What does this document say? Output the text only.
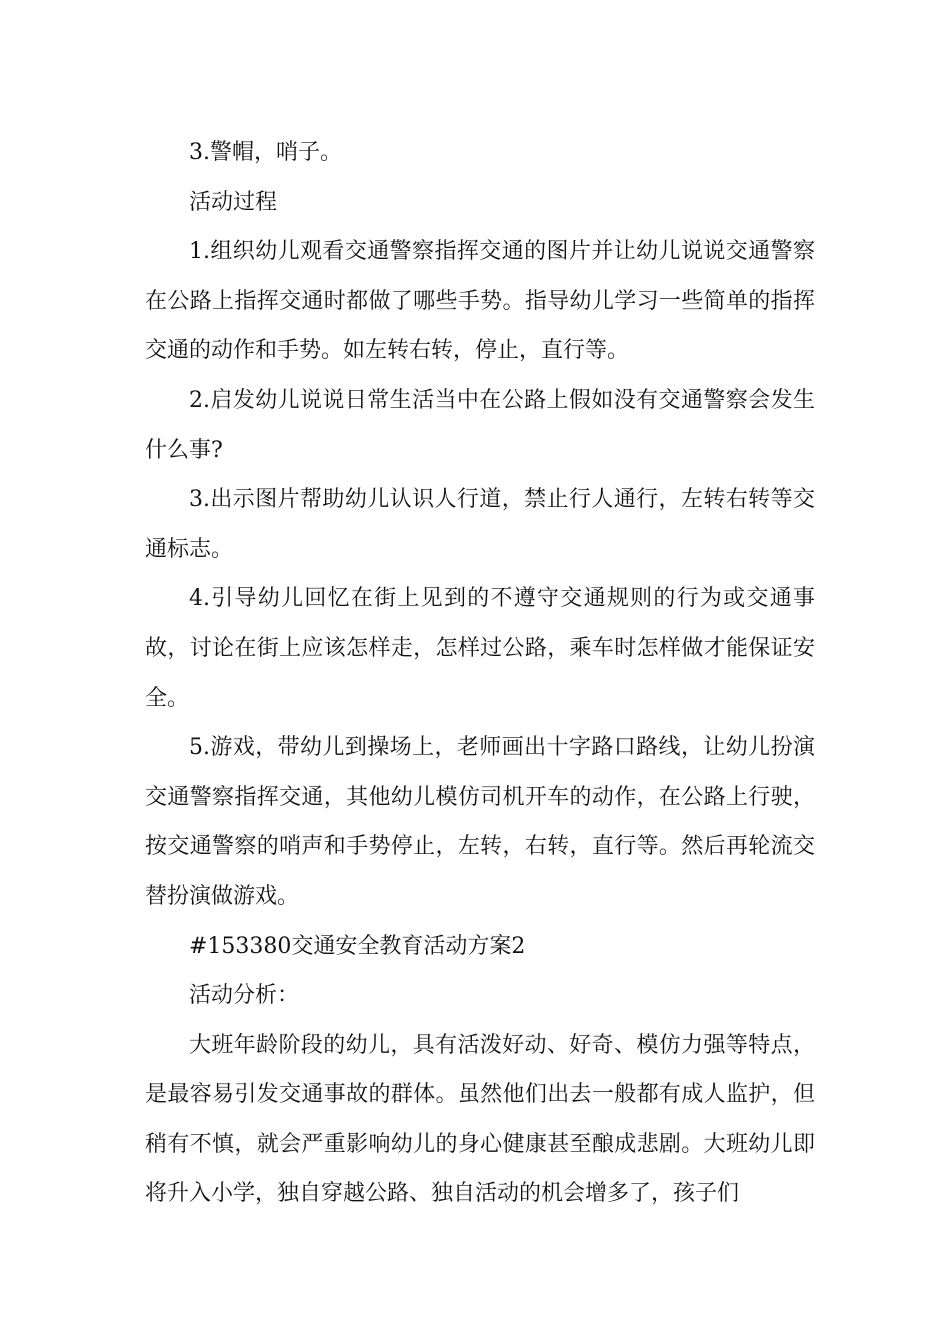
3.警帽，哨子。

活动过程

1.组织幼儿观看交通警察指挥交通的图片并让幼儿说说交通警察在公路上指挥交通时都做了哪些手势。指导幼儿学习一些简单的指挥交通的动作和手势。如左转右转，停止，直行等。

2.启发幼儿说说日常生活当中在公路上假如没有交通警察会发生什么事?

3.出示图片帮助幼儿认识人行道，禁止行人通行，左转右转等交通标志。

4.引导幼儿回忆在街上见到的不遵守交通规则的行为或交通事故，讨论在街上应该怎样走，怎样过公路，乘车时怎样做才能保证安全。

5.游戏，带幼儿到操场上，老师画出十字路口路线，让幼儿扮演交通警察指挥交通，其他幼儿模仿司机开车的动作，在公路上行驶，按交通警察的哨声和手势停止，左转，右转，直行等。然后再轮流交替扮演做游戏。

#153380交通安全教育活动方案2

活动分析：

大班年龄阶段的幼儿，具有活泼好动、好奇、模仿力强等特点，是最容易引发交通事故的群体。虽然他们出去一般都有成人监护，但稍有不慎，就会严重影响幼儿的身心健康甚至酿成悲剧。大班幼儿即将升入小学，独自穿越公路、独自活动的机会增多了，孩子们
